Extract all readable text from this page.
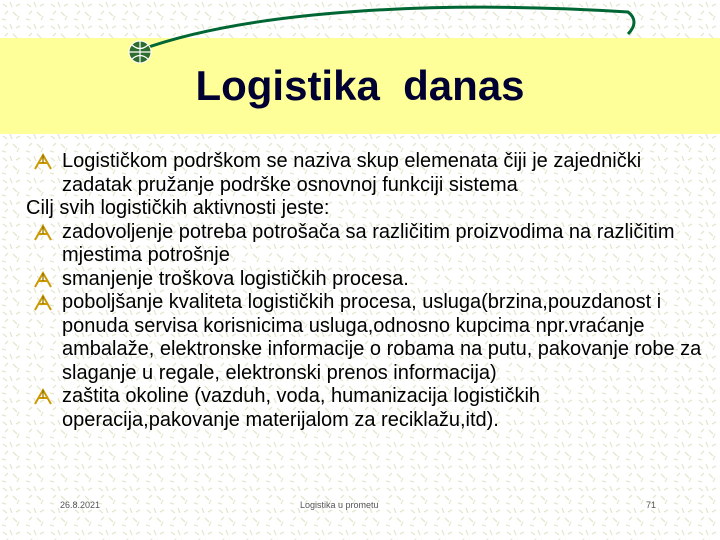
Logistika  danas
Logističkom podrškom se naziva skup elemenata čiji je zajednički zadatak pružanje podrške osnovnoj funkciji sistema
Cilj svih logističkih aktivnosti jeste:
zadovoljenje potreba potrošača sa različitim proizvodima na različitim mjestima potrošnje
smanjenje troškova logističkih procesa.
poboljšanje kvaliteta logističkih procesa, usluga(brzina,pouzdanost i ponuda servisa korisnicima usluga,odnosno kupcima npr.vraćanje ambalaže, elektronske informacije o robama na putu, pakovanje robe za slaganje u regale, elektronski prenos informacija)
zaštita okoline (vazduh, voda, humanizacija logističkih operacija,pakovanje materijalom za reciklažu,itd).
26.8.2021	Logistika u prometu	71
